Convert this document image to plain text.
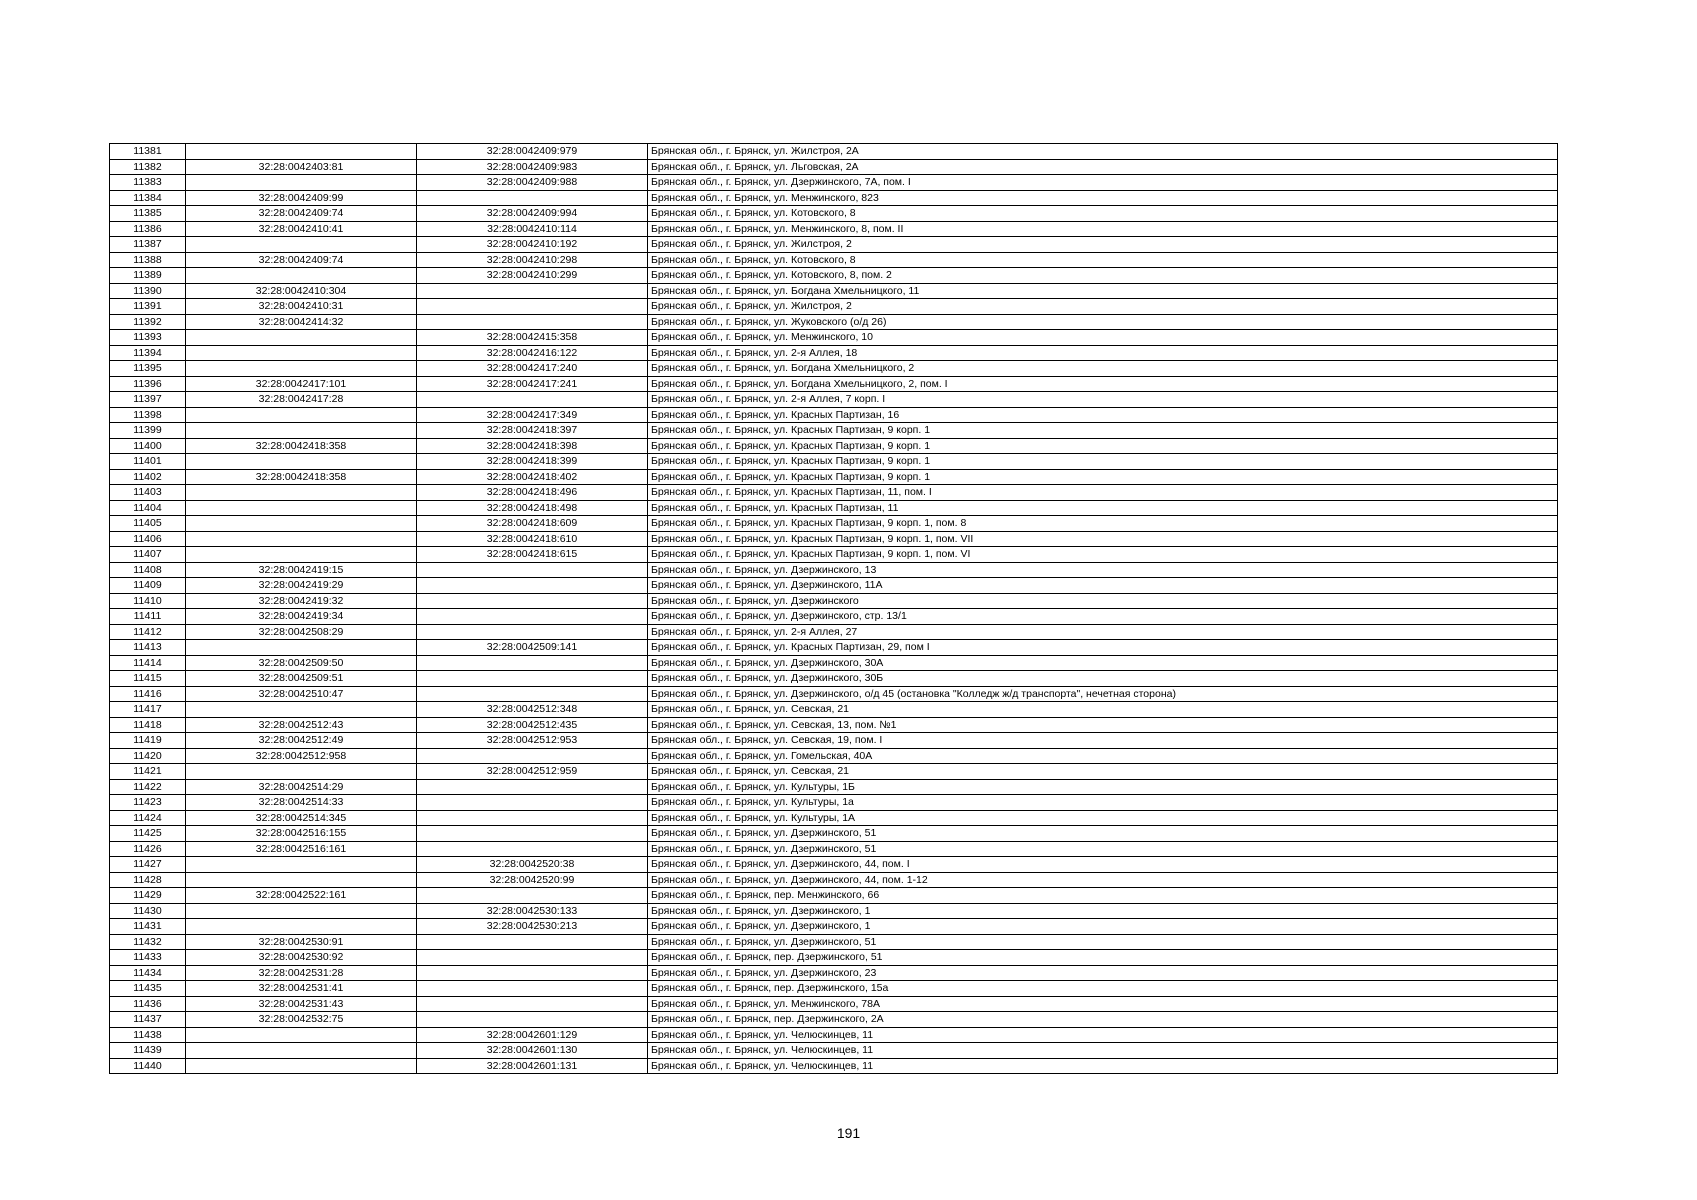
11381		32:28:0042409:979	Брянская обл., г. Брянск, ул. Жилстроя, 2А
11382	32:28:0042403:81	32:28:0042409:983	Брянская обл., г. Брянск, ул. Льговская, 2А
11383		32:28:0042409:988	Брянская обл., г. Брянск, ул. Дзержинского, 7А, пом. I
11384	32:28:0042409:99		Брянская обл., г. Брянск, ул. Менжинского, 823
11385	32:28:0042409:74	32:28:0042409:994	Брянская обл., г. Брянск, ул. Котовского, 8
11386	32:28:0042410:41	32:28:0042410:114	Брянская обл., г. Брянск, ул. Менжинского, 8, пом. II
11387		32:28:0042410:192	Брянская обл., г. Брянск, ул. Жилстроя, 2
11388	32:28:0042409:74	32:28:0042410:298	Брянская обл., г. Брянск, ул. Котовского, 8
11389		32:28:0042410:299	Брянская обл., г. Брянск, ул. Котовского, 8, пом. 2
11390	32:28:0042410:304		Брянская обл., г. Брянск, ул. Богдана Хмельницкого, 11
11391	32:28:0042410:31		Брянская обл., г. Брянск, ул. Жилстроя, 2
11392	32:28:0042414:32		Брянская обл., г. Брянск, ул. Жуковского (о/д 26)
11393		32:28:0042415:358	Брянская обл., г. Брянск, ул. Менжинского, 10
11394		32:28:0042416:122	Брянская обл., г. Брянск, ул. 2-я Аллея, 18
11395		32:28:0042417:240	Брянская обл., г. Брянск, ул. Богдана Хмельницкого, 2
11396	32:28:0042417:101	32:28:0042417:241	Брянская обл., г. Брянск, ул. Богдана Хмельницкого, 2, пом. I
11397	32:28:0042417:28		Брянская обл., г. Брянск, ул. 2-я Аллея, 7 корп. I
11398		32:28:0042417:349	Брянская обл., г. Брянск, ул. Красных Партизан, 16
11399		32:28:0042418:397	Брянская обл., г. Брянск, ул. Красных Партизан, 9 корп. 1
11400	32:28:0042418:358	32:28:0042418:398	Брянская обл., г. Брянск, ул. Красных Партизан, 9 корп. 1
11401		32:28:0042418:399	Брянская обл., г. Брянск, ул. Красных Партизан, 9 корп. 1
11402	32:28:0042418:358	32:28:0042418:402	Брянская обл., г. Брянск, ул. Красных Партизан, 9 корп. 1
11403		32:28:0042418:496	Брянская обл., г. Брянск, ул. Красных Партизан, 11, пом. I
11404		32:28:0042418:498	Брянская обл., г. Брянск, ул. Красных Партизан, 11
11405		32:28:0042418:609	Брянская обл., г. Брянск, ул. Красных Партизан, 9 корп. 1, пом. 8
11406		32:28:0042418:610	Брянская обл., г. Брянск, ул. Красных Партизан, 9 корп. 1, пом. VII
11407		32:28:0042418:615	Брянская обл., г. Брянск, ул. Красных Партизан, 9 корп. 1, пом. VI
11408	32:28:0042419:15		Брянская обл., г. Брянск, ул. Дзержинского, 13
11409	32:28:0042419:29		Брянская обл., г. Брянск, ул. Дзержинского, 11А
11410	32:28:0042419:32		Брянская обл., г. Брянск, ул. Дзержинского
11411	32:28:0042419:34		Брянская обл., г. Брянск, ул. Дзержинского, стр. 13/1
11412	32:28:0042508:29		Брянская обл., г. Брянск, ул. 2-я Аллея, 27
11413		32:28:0042509:141	Брянская обл., г. Брянск, ул. Красных Партизан, 29, пом I
11414	32:28:0042509:50		Брянская обл., г. Брянск, ул. Дзержинского, 30А
11415	32:28:0042509:51		Брянская обл., г. Брянск, ул. Дзержинского, 30Б
11416	32:28:0042510:47		Брянская обл., г. Брянск, ул. Дзержинского, о/д 45 (остановка "Колледж ж/д транспорта", нечетная сторона)
11417		32:28:0042512:348	Брянская обл., г. Брянск, ул. Севская, 21
11418	32:28:0042512:43	32:28:0042512:435	Брянская обл., г. Брянск, ул. Севская, 13, пом. №1
11419	32:28:0042512:49	32:28:0042512:953	Брянская обл., г. Брянск, ул. Севская, 19, пом. I
11420	32:28:0042512:958		Брянская обл., г. Брянск, ул. Гомельская, 40А
11421		32:28:0042512:959	Брянская обл., г. Брянск, ул. Севская, 21
11422	32:28:0042514:29		Брянская обл., г. Брянск, ул. Культуры, 1Б
11423	32:28:0042514:33		Брянская обл., г. Брянск, ул. Культуры, 1а
11424	32:28:0042514:345		Брянская обл., г. Брянск, ул. Культуры, 1А
11425	32:28:0042516:155		Брянская обл., г. Брянск, ул. Дзержинского, 51
11426	32:28:0042516:161		Брянская обл., г. Брянск, ул. Дзержинского, 51
11427		32:28:0042520:38	Брянская обл., г. Брянск, ул. Дзержинского, 44, пом. I
11428		32:28:0042520:99	Брянская обл., г. Брянск, ул. Дзержинского, 44, пом. 1-12
11429	32:28:0042522:161		Брянская обл., г. Брянск, пер. Менжинского, 66
11430		32:28:0042530:133	Брянская обл., г. Брянск, ул. Дзержинского, 1
11431		32:28:0042530:213	Брянская обл., г. Брянск, ул. Дзержинского, 1
11432	32:28:0042530:91		Брянская обл., г. Брянск, ул. Дзержинского, 51
11433	32:28:0042530:92		Брянская обл., г. Брянск, пер. Дзержинского, 51
11434	32:28:0042531:28		Брянская обл., г. Брянск, ул. Дзержинского, 23
11435	32:28:0042531:41		Брянская обл., г. Брянск, пер. Дзержинского, 15а
11436	32:28:0042531:43		Брянская обл., г. Брянск, ул. Менжинского, 78А
11437	32:28:0042532:75		Брянская обл., г. Брянск, пер. Дзержинского, 2А
11438		32:28:0042601:129	Брянская обл., г. Брянск, ул. Челюскинцев, 11
11439		32:28:0042601:130	Брянская обл., г. Брянск, ул. Челюскинцев, 11
11440		32:28:0042601:131	Брянская обл., г. Брянск, ул. Челюскинцев, 11
191
